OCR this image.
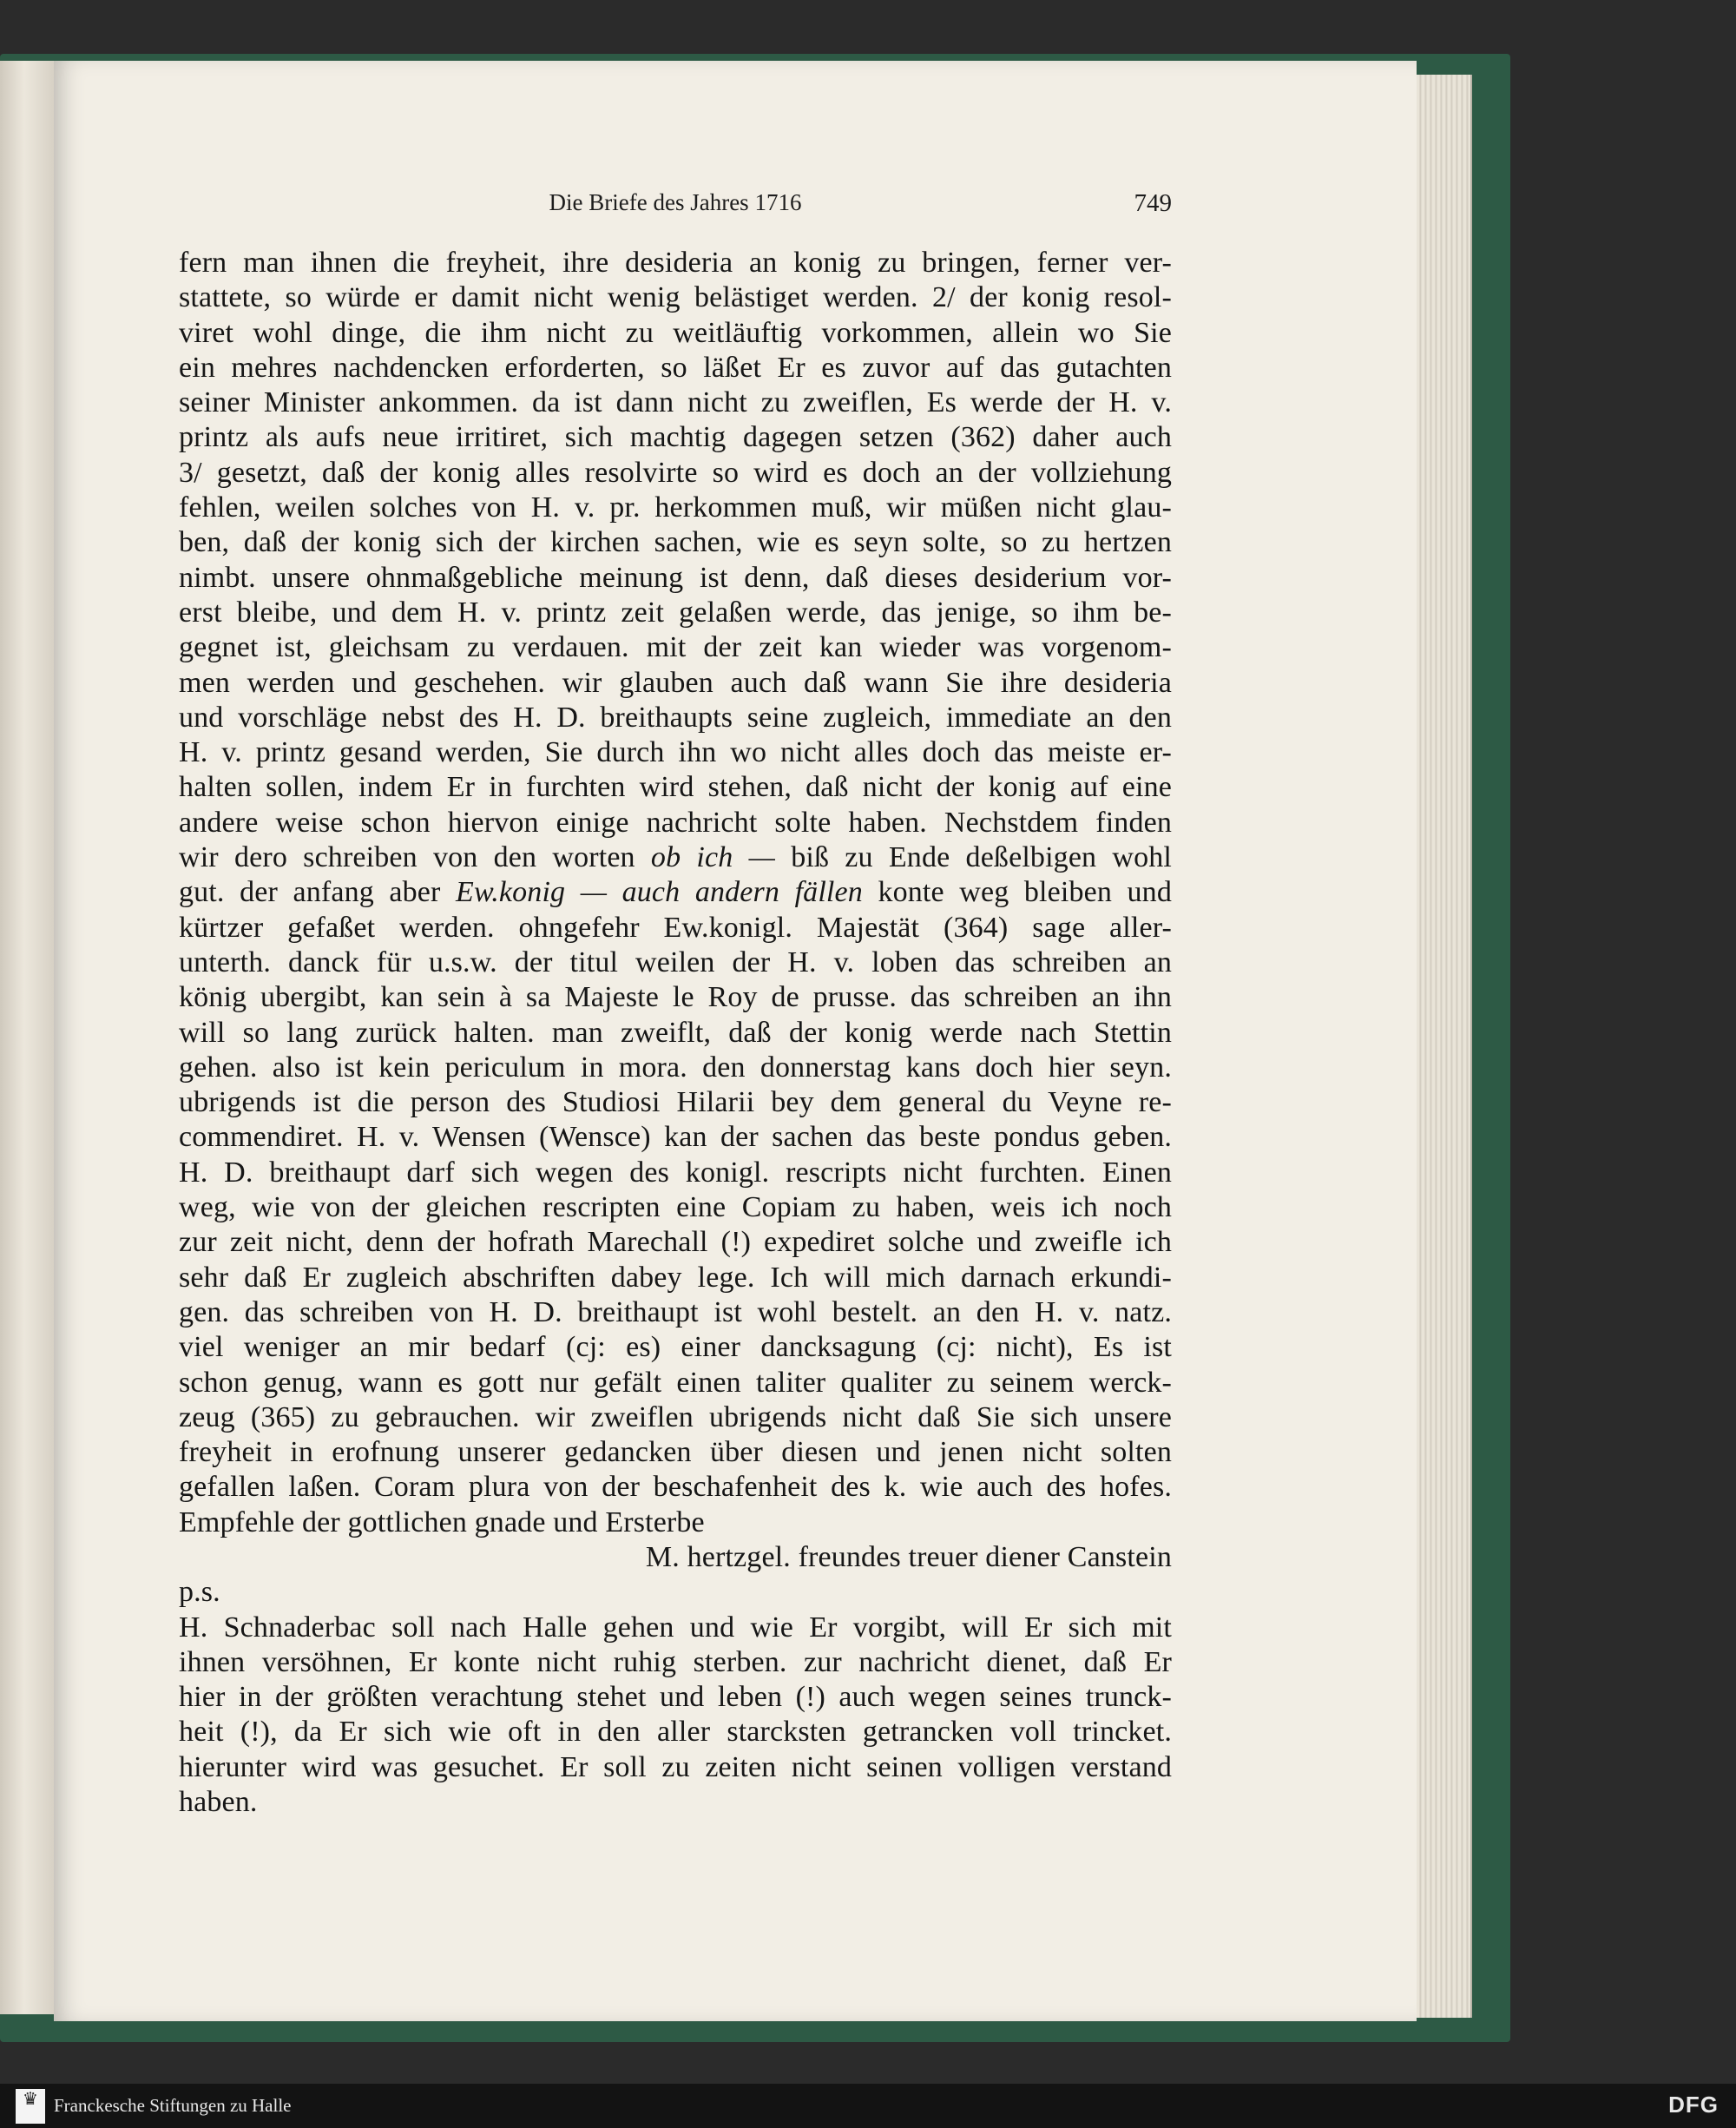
Die Briefe des Jahres 1716	749
fern man ihnen die freyheit, ihre desideria an konig zu bringen, ferner ver-
stattete, so würde er damit nicht wenig belästiget werden. 2/ der konig resol-
viret wohl dinge, die ihm nicht zu weitläuftig vorkommen, allein wo Sie
ein mehres nachdencken erforderten, so läßet Er es zuvor auf das gutachten
seiner Minister ankommen. da ist dann nicht zu zweiflen, Es werde der H. v.
printz als aufs neue irritiret, sich machtig dagegen setzen (362) daher auch
3/ gesetzt, daß der konig alles resolvirte so wird es doch an der vollziehung
fehlen, weilen solches von H. v. pr. herkommen muß, wir müßen nicht glau-
ben, daß der konig sich der kirchen sachen, wie es seyn solte, so zu hertzen
nimbt. unsere ohnmaßgebliche meinung ist denn, daß dieses desiderium vor-
erst bleibe, und dem H. v. printz zeit gelaßen werde, das jenige, so ihm be-
gegnet ist, gleichsam zu verdauen. mit der zeit kan wieder was vorgenom-
men werden und geschehen. wir glauben auch daß wann Sie ihre desideria
und vorschläge nebst des H. D. breithaupts seine zugleich, immediate an den
H. v. printz gesand werden, Sie durch ihn wo nicht alles doch das meiste er-
halten sollen, indem Er in furchten wird stehen, daß nicht der konig auf eine
andere weise schon hiervon einige nachricht solte haben. Nechstdem finden
wir dero schreiben von den worten ob ich — biß zu Ende deßelbigen wohl
gut. der anfang aber Ew.konig — auch andern fällen konte weg bleiben und
kürtzer gefaßet werden. ohngefehr Ew.konigl. Majestät (364) sage aller-
unterth. danck für u.s.w. der titul weilen der H. v. loben das schreiben an
könig ubergibt, kan sein à sa Majeste le Roy de prusse. das schreiben an ihn
will so lang zurück halten. man zweiflt, daß der konig werde nach Stettin
gehen. also ist kein periculum in mora. den donnerstag kans doch hier seyn.
ubrigends ist die person des Studiosi Hilarii bey dem general du Veyne re-
commendiret. H. v. Wensen (Wensce) kan der sachen das beste pondus geben.
H. D. breithaupt darf sich wegen des konigl. rescripts nicht furchten. Einen
weg, wie von der gleichen rescripten eine Copiam zu haben, weis ich noch
zur zeit nicht, denn der hofrath Marechall (!) expediret solche und zweifle ich
sehr daß Er zugleich abschriften dabey lege. Ich will mich darnach erkundi-
gen. das schreiben von H. D. breithaupt ist wohl bestelt. an den H. v. natz.
viel weniger an mir bedarf (cj: es) einer dancksagung (cj: nicht), Es ist
schon genug, wann es gott nur gefält einen taliter qualiter zu seinem werck-
zeug (365) zu gebrauchen. wir zweiflen ubrigends nicht daß Sie sich unsere
freyheit in erofnung unserer gedancken über diesen und jenen nicht solten
gefallen laßen. Coram plura von der beschafenheit des k. wie auch des hofes.
Empfehle der gottlichen gnade und Ersterbe
M. hertzgel. freundes treuer diener Canstein
p.s.
H. Schnaderbac soll nach Halle gehen und wie Er vorgibt, will Er sich mit
ihnen versöhnen, Er konte nicht ruhig sterben. zur nachricht dienet, daß Er
hier in der größten verachtung stehet und leben (!) auch wegen seines trunck-
heit (!), da Er sich wie oft in den aller starcksten getrancken voll trincket.
hierunter wird was gesuchet. Er soll zu zeiten nicht seinen volligen verstand
haben.
♛ Franckesche Stiftungen zu Halle	DFG
